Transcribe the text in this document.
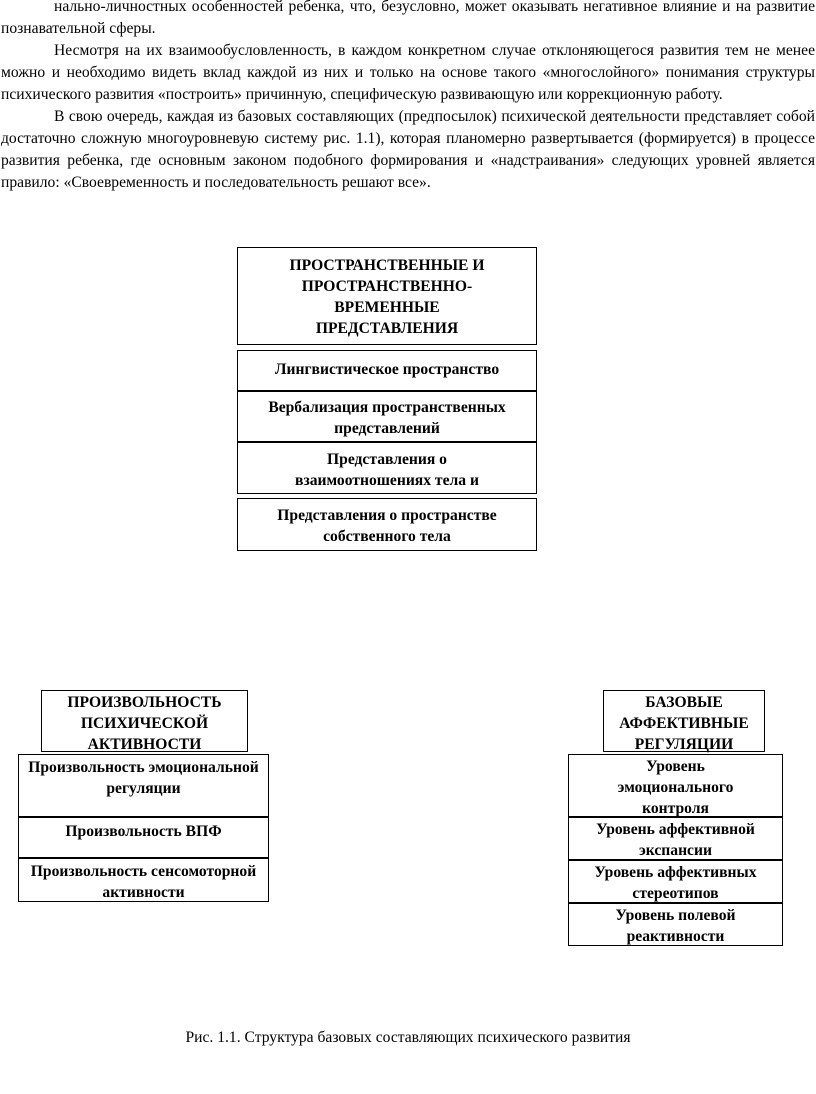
нально-личностных особенностей ребенка, что, безусловно, может оказывать негативное влияние и на развитие познавательной сферы.

Несмотря на их взаимообусловленность, в каждом конкретном случае отклоняющегося развития тем не менее можно и необходимо видеть вклад каждой из них и только на основе такого «многослойного» понимания структуры психического развития «построить» причинную, специфическую развивающую или коррекционную работу.

В свою очередь, каждая из базовых составляющих (предпосылок) психической деятельности представляет собой достаточно сложную многоуровневую систему рис. 1.1), которая планомерно развертывается (формируется) в процессе развития ребенка, где основным законом подобного формирования и «надстраивания» следующих уровней является правило: «Своевременность и последовательность решают все».

ПРОСТРАНСТВЕННЫЕ И ПРОСТРАНСТВЕННО-ВРЕМЕННЫЕ ПРЕДСТАВЛЕНИЯ
Лингвистическое пространство
Вербализация пространственных представлений
Представления о взаимоотношениях тела и
Представления о пространстве собственного тела
ПРОИЗВОЛЬНОСТЬ ПСИХИЧЕСКОЙ АКТИВНОСТИ
Произвольность эмоциональной регуляции
Произвольность ВПФ
Произвольность сенсомоторной активности
БАЗОВЫЕ АФФЕКТИВНЫЕ РЕГУЛЯЦИИ
Уровень эмоционального контроля
Уровень аффективной экспансии
Уровень аффективных стереотипов
Уровень полевой реактивности
Рис. 1.1. Структура базовых составляющих психического развития
